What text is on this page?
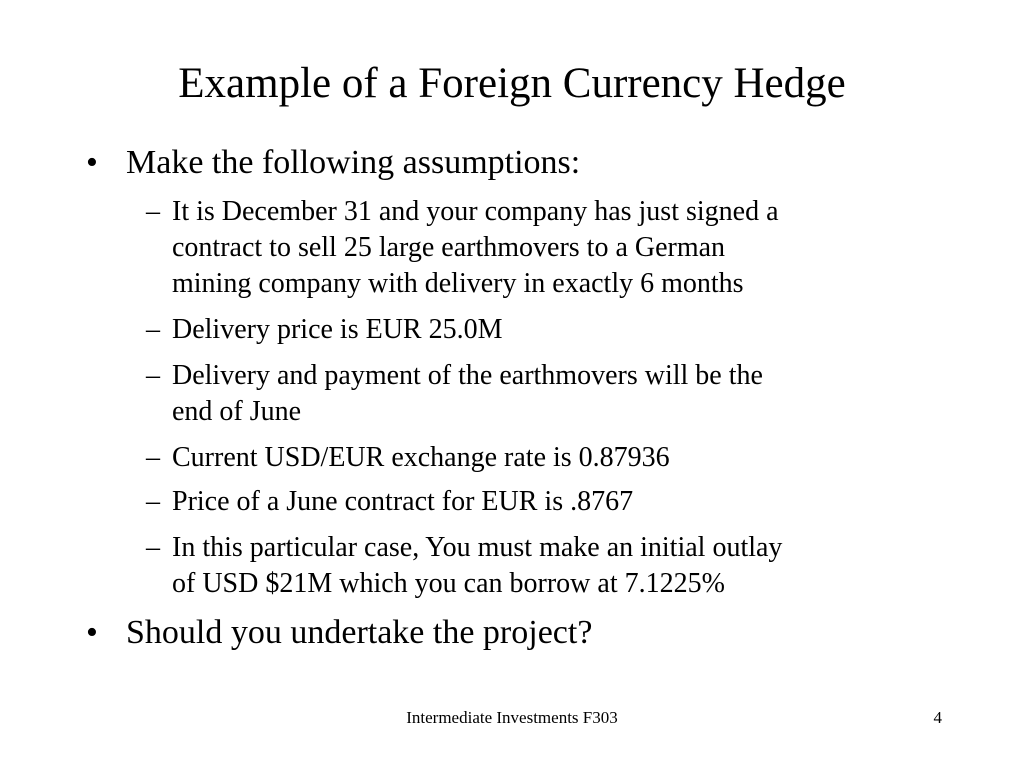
Example of a Foreign Currency Hedge
• Make the following assumptions:
– It is December 31 and your company has just signed a
contract to sell 25 large earthmovers to a German
mining company with delivery in exactly 6 months
– Delivery price is EUR 25.0M
– Delivery and payment of the earthmovers will be the
end of June
– Current USD/EUR exchange rate is 0.87936
– Price of a June contract for EUR is .8767
– In this particular case, You must make an initial outlay
of USD $21M which you can borrow at 7.1225%
• Should you undertake the project?
Intermediate Investments F303	4
